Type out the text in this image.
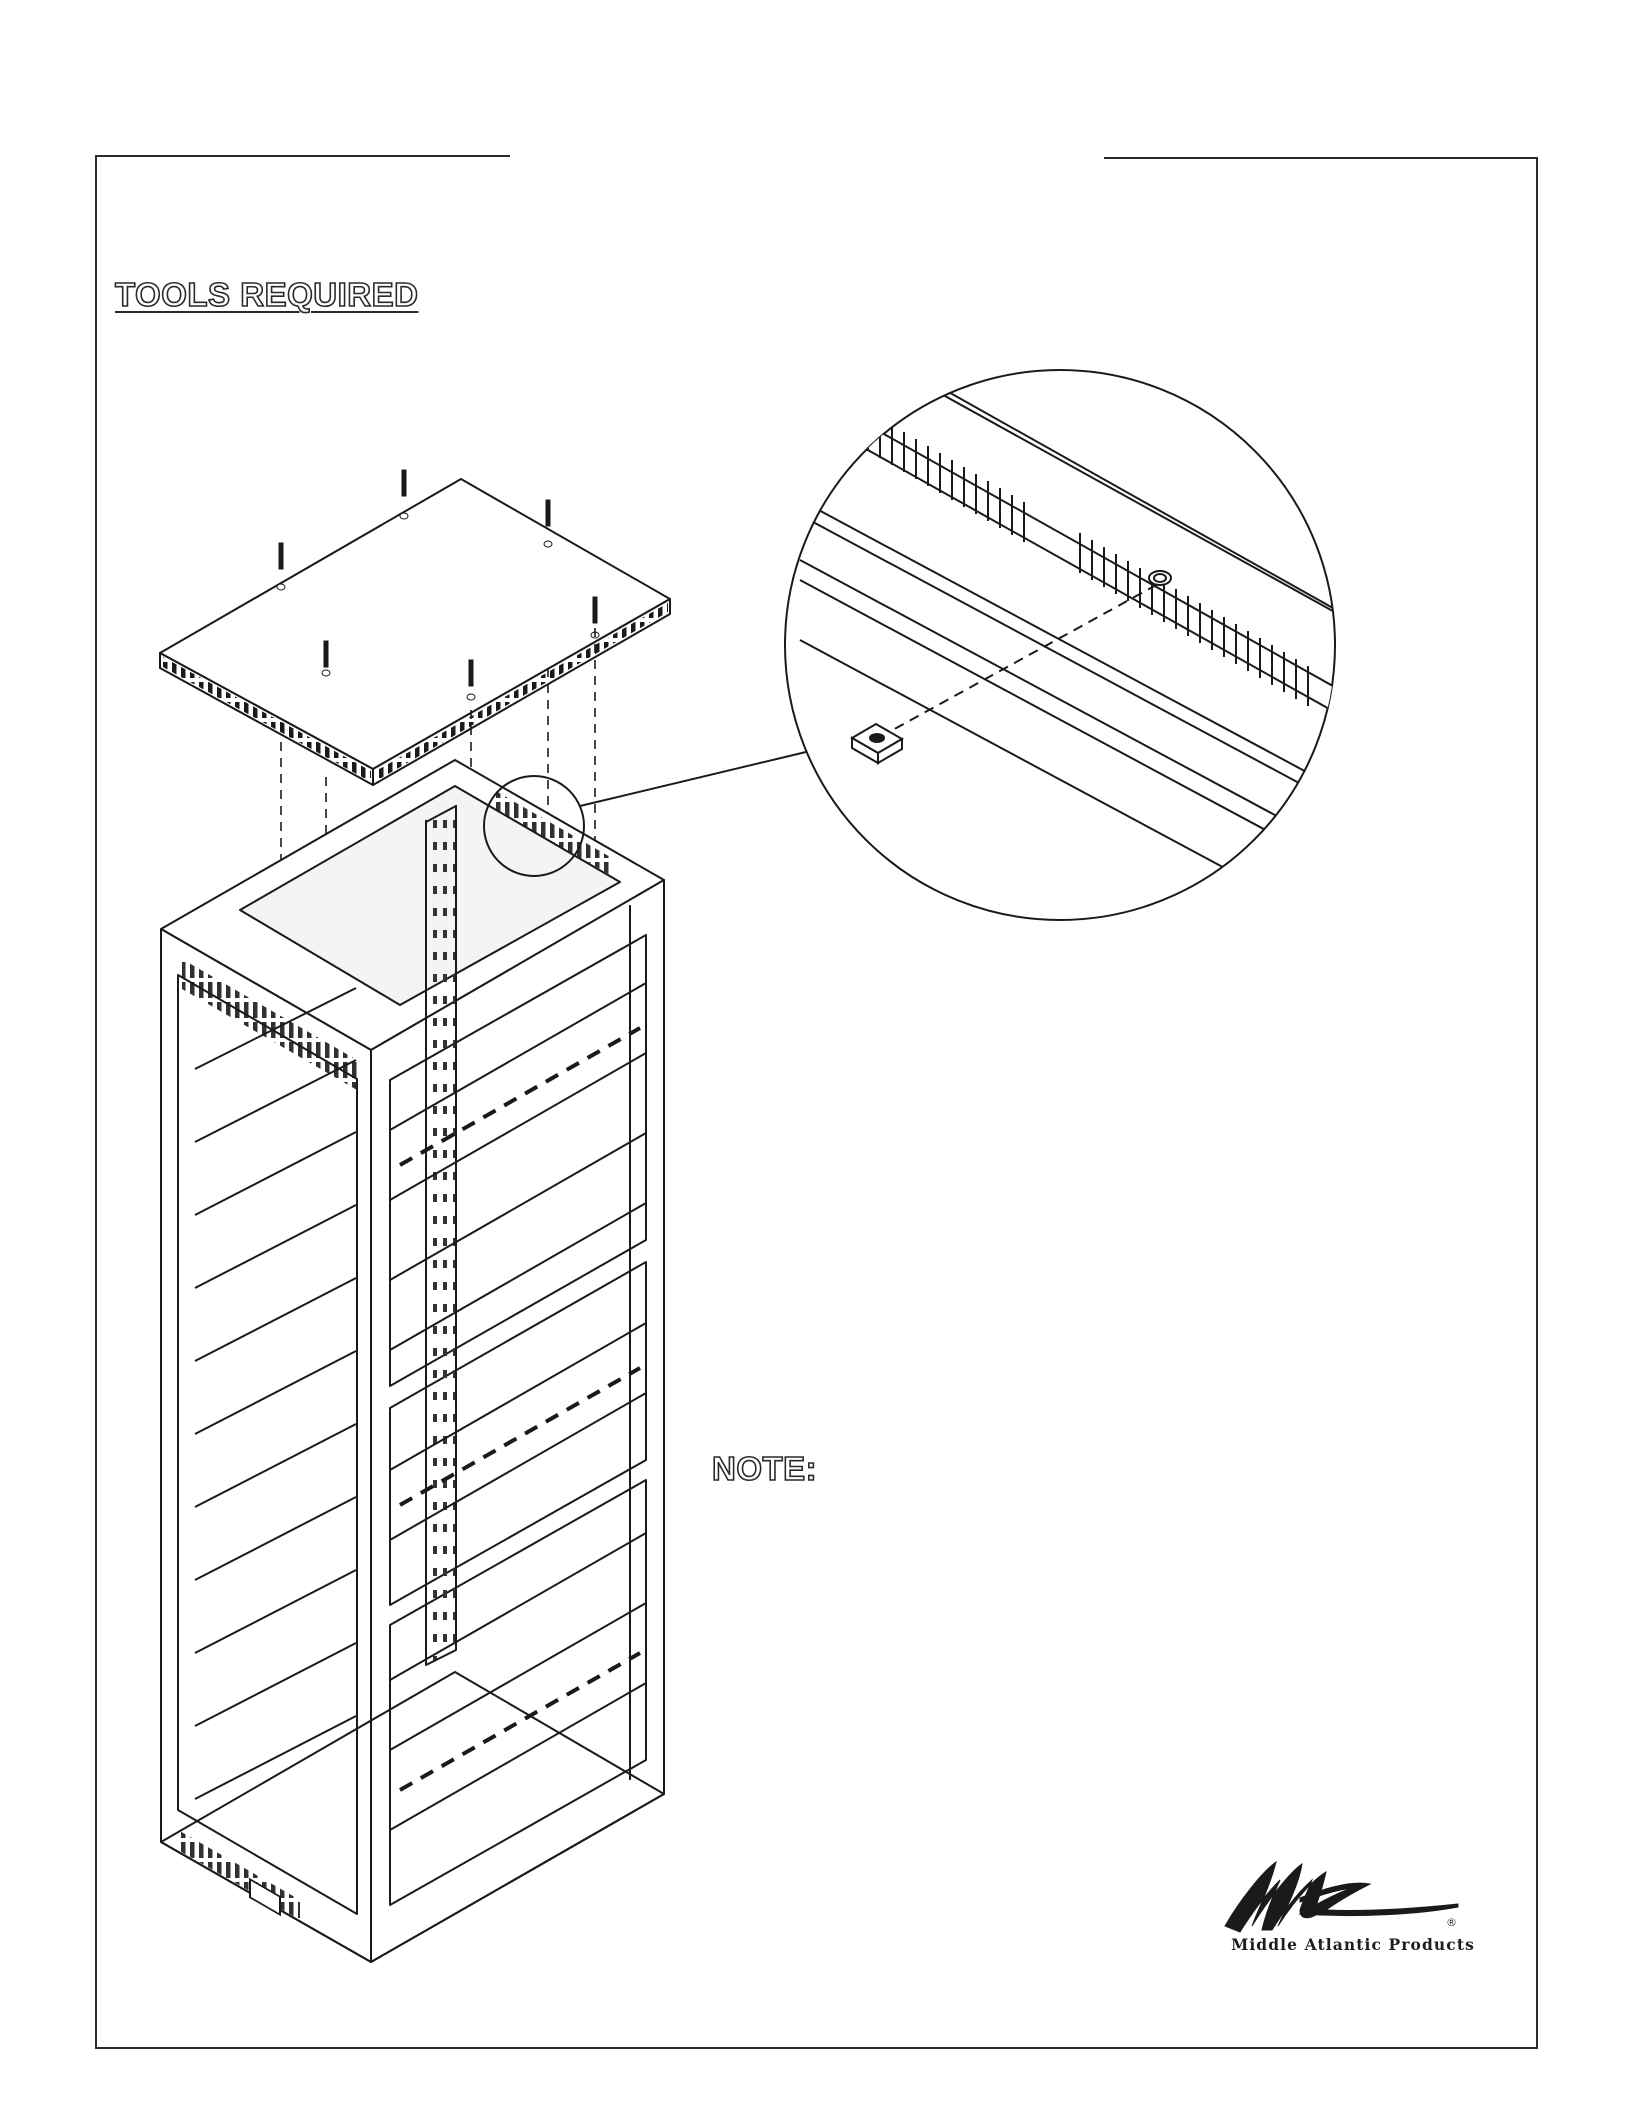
TOOLS REQUIRED
NOTE:
Middle Atlantic Products
®
